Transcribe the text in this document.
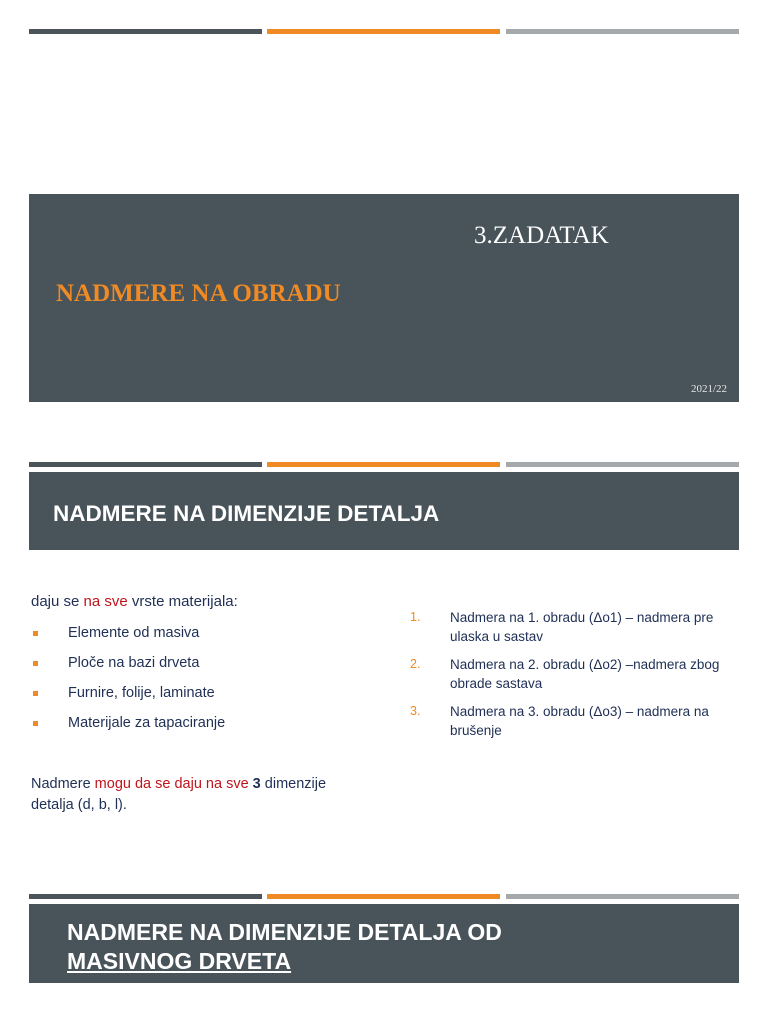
3.ZADATAK
NADMERE NA OBRADU
2021/22
NADMERE NA DIMENZIJE DETALJA
daju se na sve vrste materijala:
Elemente od masiva
Ploče na bazi drveta
Furnire, folije, laminate
Materijale za tapaciranje
Nadmere mogu da se daju na sve 3 dimenzije detalja (d, b, l).
1. Nadmera na 1. obradu (Δo1) – nadmera pre ulaska u sastav
2. Nadmera na 2. obradu (Δo2) –nadmera zbog obrade sastava
3. Nadmera na 3. obradu (Δo3) – nadmera na brušenje
NADMERE NA DIMENZIJE DETALJA OD
MASIVNOG DRVETA
